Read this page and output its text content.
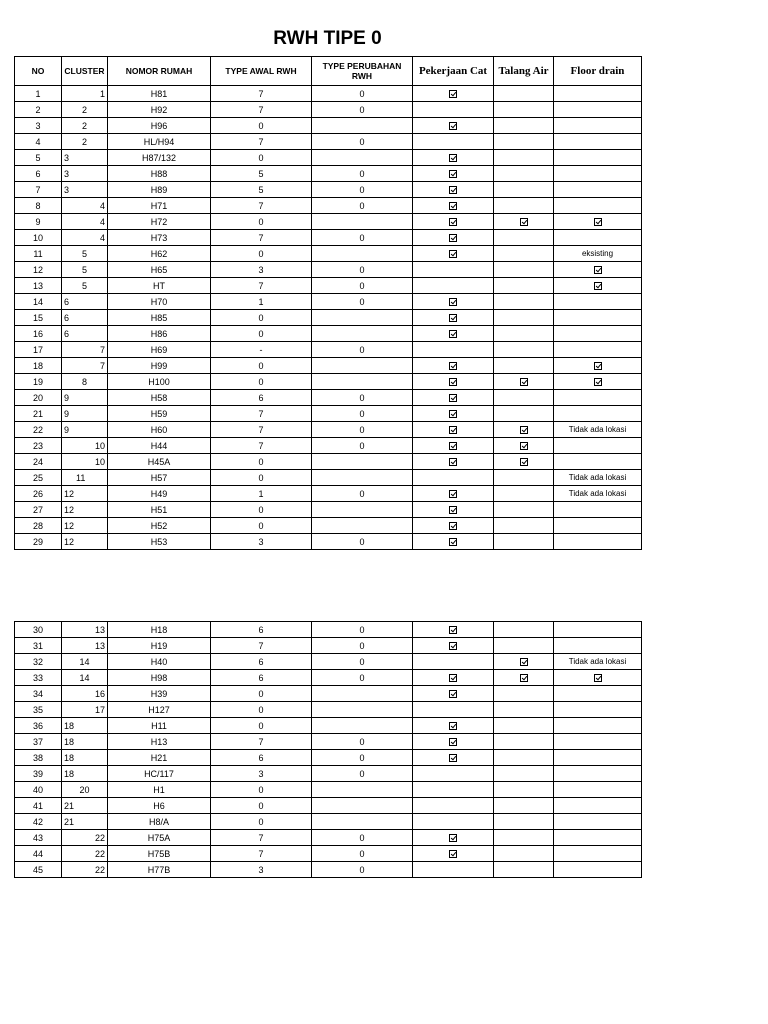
RWH TIPE 0
NO	CLUSTER	NOMOR RUMAH	TYPE AWAL RWH	TYPE PERUBAHAN RWH	Pekerjaan Cat	Talang Air	Floor drain
1	1	H81	7	0			
2	2	H92	7	0			
3	2	H96	0				
4	2	HL/H94	7	0			
5	3	H87/132	0				
6	3	H88	5	0			
7	3	H89	5	0			
8	4	H71	7	0			
9	4	H72	0				
10	4	H73	7	0			
11	5	H62	0				eksisting
12	5	H65	3	0			
13	5	HT	7	0			
14	6	H70	1	0			
15	6	H85	0				
16	6	H86	0				
17	7	H69	-	0			
18	7	H99	0				
19	8	H100	0				
20	9	H58	6	0			
21	9	H59	7	0			
22	9	H60	7	0			Tidak ada lokasi
23	10	H44	7	0			
24	10	H45A	0				
25	11	H57	0				Tidak ada lokasi
26	12	H49	1	0			Tidak ada lokasi
27	12	H51	0				
28	12	H52	0				
29	12	H53	3	0			
30	13	H18	6	0			
31	13	H19	7	0			
32	14	H40	6	0			Tidak ada lokasi
33	14	H98	6	0			
34	16	H39	0				
35	17	H127	0				
36	18	H11	0				
37	18	H13	7	0			
38	18	H21	6	0			
39	18	HC/117	3	0			
40	20	H1	0				
41	21	H6	0				
42	21	H8/A	0				
43	22	H75A	7	0			
44	22	H75B	7	0			
45	22	H77B	3	0			
